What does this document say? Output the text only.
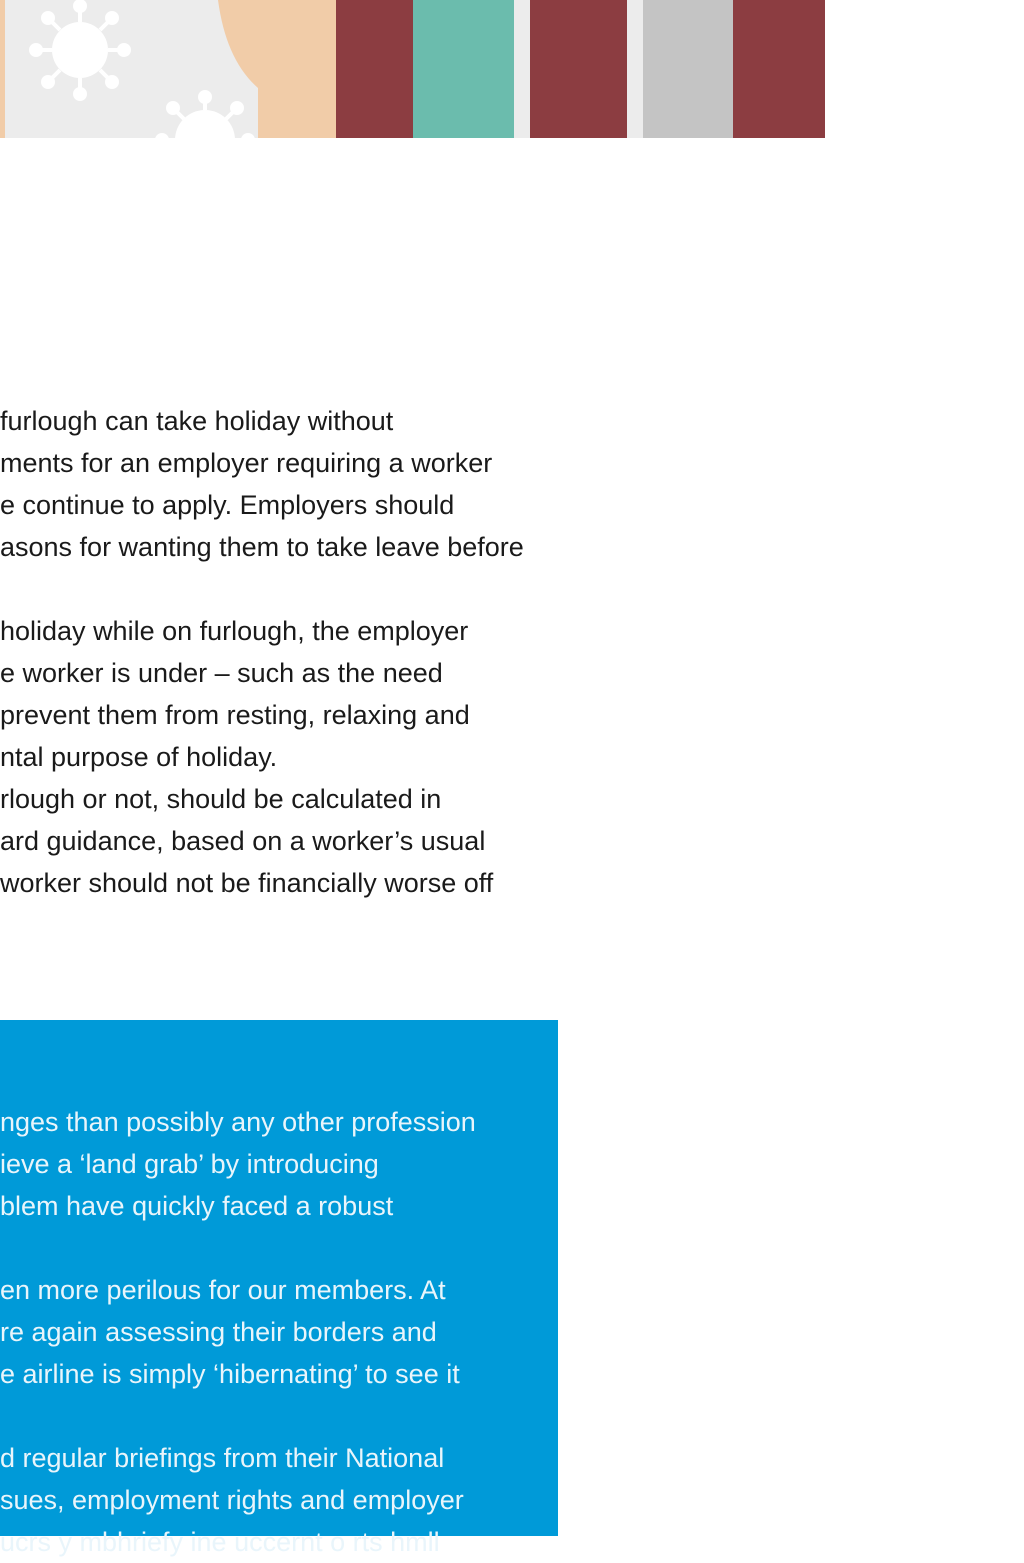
furlough can take holiday without
ments for an employer requiring a worker
e continue to apply. Employers should
asons for wanting them to take leave before
holiday while on furlough, the employer
e worker is under – such as the need
prevent them from resting, relaxing and
ntal purpose of holiday.
rlough or not, should be calculated in
ard guidance, based on a worker’s usual
worker should not be financially worse off
nges than possibly any other profession
ieve a ‘land grab’ by introducing
blem have quickly faced a robust
en more perilous for our members. At
re again assessing their borders and
e airline is simply ‘hibernating’ to see it
d regular briefings from their National
sues, employment rights and employer
ucrs y mbhriefy ine uccernt o rts hmll
